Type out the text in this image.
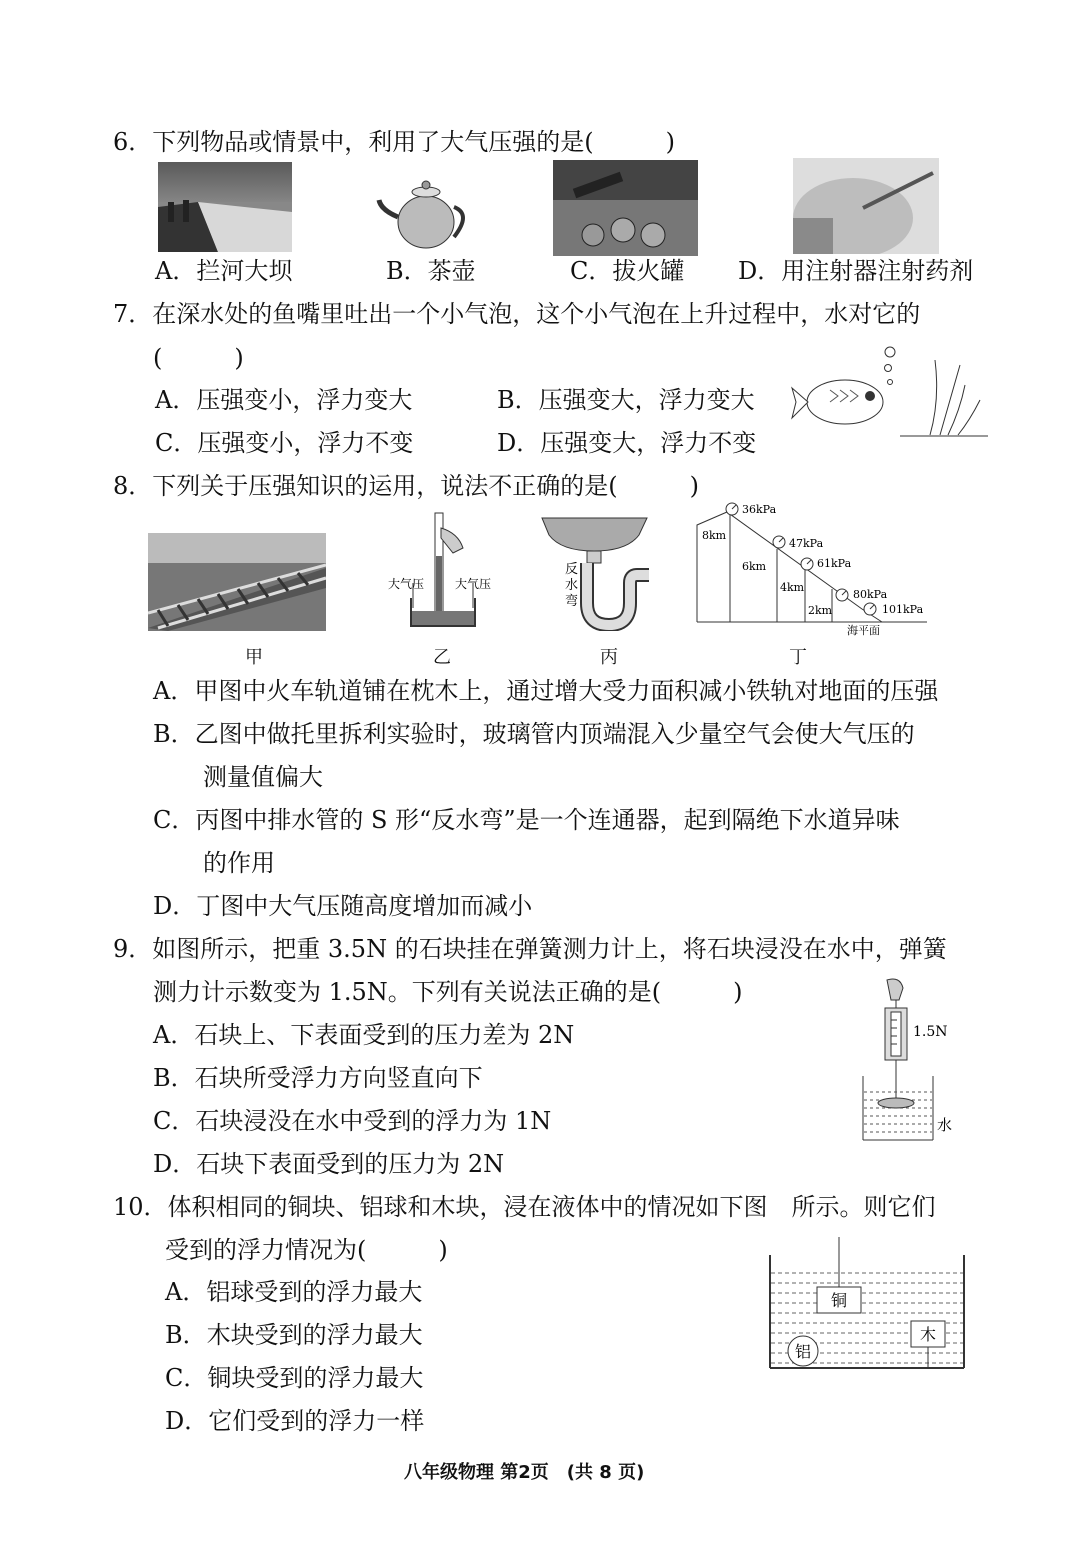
6．下列物品或情景中，利用了大气压强的是(　　　)
A．拦河大坝	B．茶壶	C．拔火罐 D．用注射器注射药剂
7．在深水处的鱼嘴里吐出一个小气泡，这个小气泡在上升过程中，水对它的
(　　　)
A．压强变小，浮力变大	B．压强变大，浮力变大
C．压强变小，浮力不变	D．压强变大，浮力不变
8．下列关于压强知识的运用，说法不正确的是(　　　)
大气压	大气压
反
水
弯
36kPa
47kPa
61kPa
80kPa
101kPa
8km
6km
4km
2km
海平面
甲	乙	丙	丁
A．甲图中火车轨道铺在枕木上，通过增大受力面积减小铁轨对地面的压强
B．乙图中做托里拆利实验时，玻璃管内顶端混入少量空气会使大气压的
测量值偏大
C．丙图中排水管的 S 形“反水弯”是一个连通器，起到隔绝下水道异味
的作用
D．丁图中大气压随高度增加而减小
9．如图所示，把重 3.5N 的石块挂在弹簧测力计上，将石块浸没在水中，弹簧
测力计示数变为 1.5N。下列有关说法正确的是(　　　)
A．石块上、下表面受到的压力差为 2N
B．石块所受浮力方向竖直向下
C．石块浸没在水中受到的浮力为 1N
D．石块下表面受到的压力为 2N
1.5N
水
10．体积相同的铜块、铝球和木块，浸在液体中的情况如下图　所示。则它们
受到的浮力情况为(　　　)
A．铝球受到的浮力最大
B．木块受到的浮力最大
C．铜块受到的浮力最大
D．它们受到的浮力一样
铜
木
铝
八年级物理 第2页　(共 8 页)
